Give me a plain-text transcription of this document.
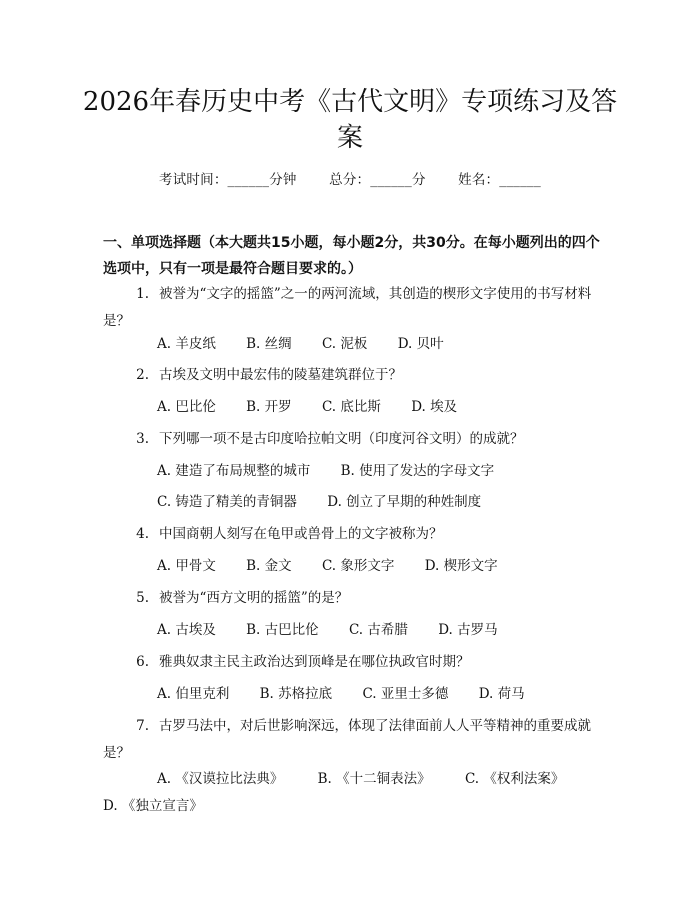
2026年春历史中考《古代文明》专项练习及答案
考试时间：______分钟 总分：______分 姓名：______
一、单项选择题（本大题共15小题，每小题2分，共30分。在每小题列出的四个选项中，只有一项是最符合题目要求的。）
1. 被誉为“文字的摇篮”之一的两河流域，其创造的楔形文字使用的书写材料是？
A. 羊皮纸 B. 丝绸 C. 泥板 D. 贝叶
2. 古埃及文明中最宏伟的陵墓建筑群位于？
A. 巴比伦 B. 开罗 C. 底比斯 D. 埃及
3. 下列哪一项不是古印度哈拉帕文明（印度河谷文明）的成就？
A. 建造了布局规整的城市 B. 使用了发达的字母文字
C. 铸造了精美的青铜器 D. 创立了早期的种姓制度
4. 中国商朝人刻写在龟甲或兽骨上的文字被称为？
A. 甲骨文 B. 金文 C. 象形文字 D. 楔形文字
5. 被誉为“西方文明的摇篮”的是？
A. 古埃及 B. 古巴比伦 C. 古希腊 D. 古罗马
6. 雅典奴隶主民主政治达到顶峰是在哪位执政官时期？
A. 伯里克利 B. 苏格拉底 C. 亚里士多德 D. 荷马
7. 古罗马法中，对后世影响深远，体现了法律面前人人平等精神的重要成就是？
A. 《汉谟拉比法典》	B. 《十二铜表法》	C. 《权利法案》 D. 《独立宣言》
